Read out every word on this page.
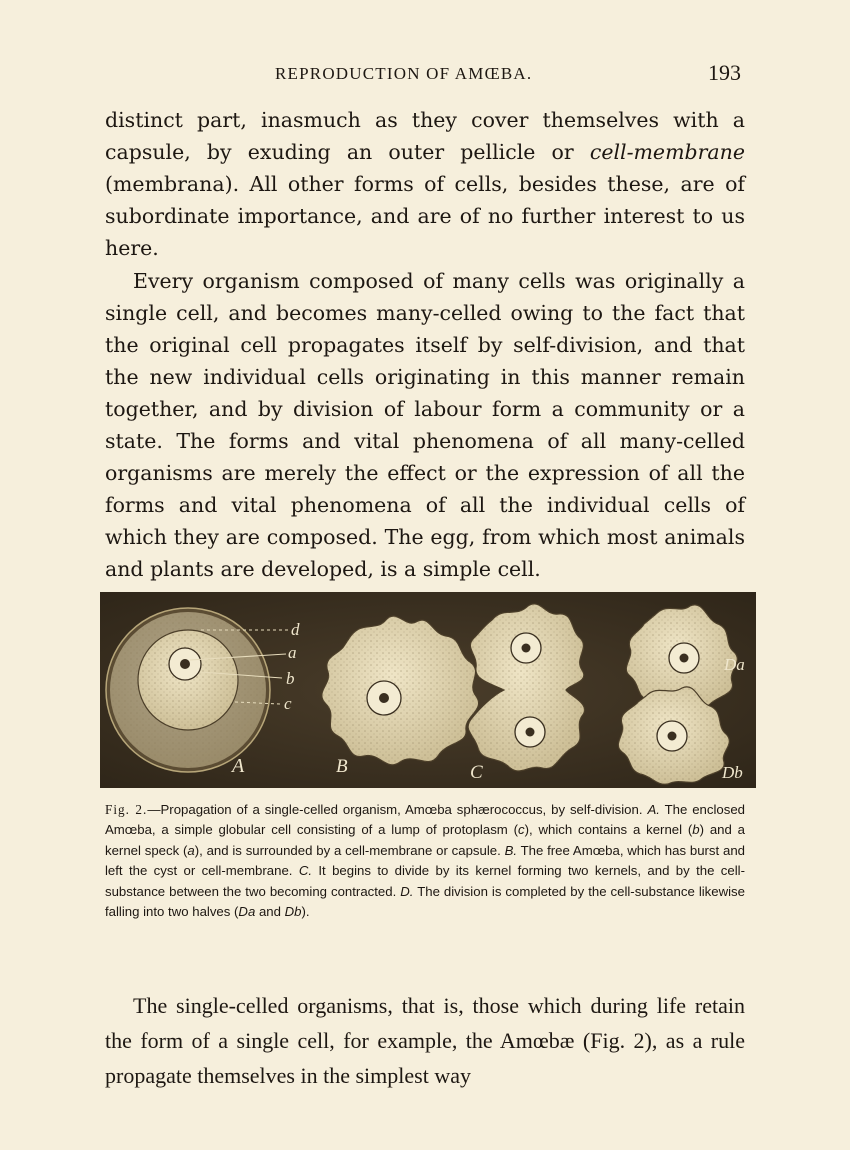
REPRODUCTION OF AMŒBA.	193

distinct part, inasmuch as they cover themselves with a capsule, by exuding an outer pellicle or cell-membrane (membrana). All other forms of cells, besides these, are of subordinate importance, and are of no further interest to us here.

Every organism composed of many cells was originally a single cell, and becomes many-celled owing to the fact that the original cell propagates itself by self-division, and that the new individual cells originating in this manner remain together, and by division of labour form a community or a state. The forms and vital phenomena of all many-celled organisms are merely the effect or the expression of all the forms and vital phenomena of all the individual cells of which they are composed. The egg, from which most animals and plants are developed, is a simple cell.

d
a
b
c
A	B	C
Da
Db
Fig. 2.—Propagation of a single-celled organism, Amœba sphærococcus, by self-division. A. The enclosed Amœba, a simple globular cell consisting of a lump of protoplasm (c), which contains a kernel (b) and a kernel speck (a), and is surrounded by a cell-membrane or capsule. B. The free Amœba, which has burst and left the cyst or cell-membrane. C. It begins to divide by its kernel forming two kernels, and by the cell-substance between the two becoming contracted. D. The division is completed by the cell-substance likewise falling into two halves (Da and Db).

The single-celled organisms, that is, those which during life retain the form of a single cell, for example, the Amœbæ (Fig. 2), as a rule propagate themselves in the simplest way
